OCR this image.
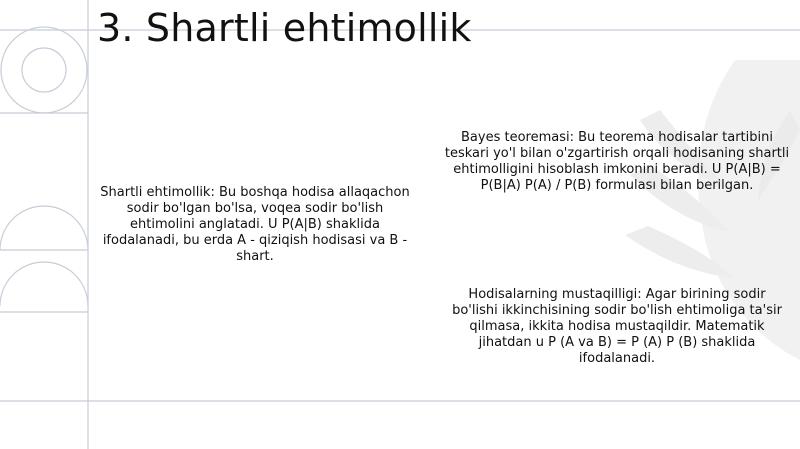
3. Shartli ehtimollik

Shartli ehtimollik: Bu boshqa hodisa allaqachon sodir bo'lgan bo'lsa, voqea sodir bo'lish ehtimolini anglatadi. U P(A|B) shaklida ifodalanadi, bu erda A - qiziqish hodisasi va B - shart.

Bayes teoremasi: Bu teorema hodisalar tartibini teskari yo'l bilan o'zgartirish orqali hodisaning shartli ehtimolligini hisoblash imkonini beradi. U P(A|B) = P(B|A) P(A) / P(B) formulası bilan berilgan.

Hodisalarning mustaqilligi: Agar birining sodir bo'lishi ikkinchisining sodir bo'lish ehtimoliga ta'sir qilmasa, ikkita hodisa mustaqildir. Matematik jihatdan u P (A va B) = P (A) P (B) shaklida ifodalanadi.
